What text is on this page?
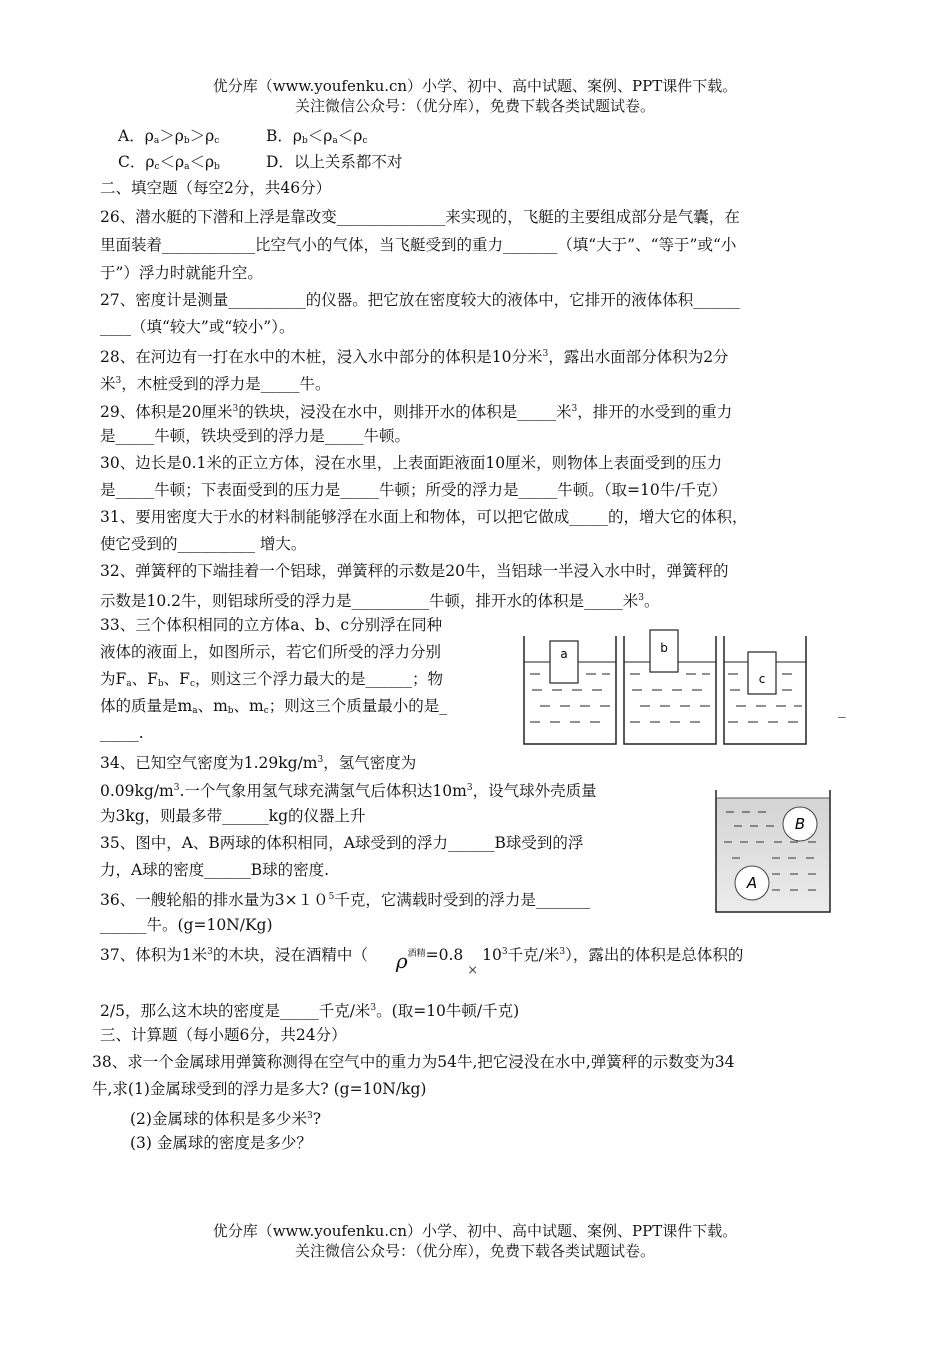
优分库（www.youfenku.cn）小学、初中、高中试题、案例、PPT课件下载。
关注微信公众号：（优分库），免费下载各类试题试卷。
A．$\rho_a>\rho_b>\rho_c$	B．$\rho_b<\rho_a<\rho_c$
C．$\rho_c<\rho_a<\rho_b$	D．以上关系都不对
二、填空题（每空2分，共46分）
26、潜水艇的下潜和上浮是靠改变______________来实现的，飞艇的主要组成部分是气囊，在
里面装着____________比空气小的气体，当飞艇受到的重力_______（填“大于”、“等于”或“小
于”）浮力时就能升空。
27、密度计是测量__________的仪器。把它放在密度较大的液体中，它排开的液体体积______
____（填“较大”或“较小”）。
28、在河边有一打在水中的木桩，浸入水中部分的体积是10分米$^3$，露出水面部分体积为2分
米$^3$，木桩受到的浮力是_____牛。
29、体积是20厘米$^3$的铁块，浸没在水中，则排开水的体积是_____米$^3$，排开的水受到的重力
是_____牛顿，铁块受到的浮力是_____牛顿。
30、边长是0.1米的正立方体，浸在水里，上表面距液面10厘米，则物体上表面受到的压力
是_____牛顿；下表面受到的压力是_____牛顿；所受的浮力是_____牛顿。（取=10牛/千克）
31、要用密度大于水的材料制能够浮在水面上和物体，可以把它做成_____的，增大它的体积，
使它受到的__________ 增大。
32、弹簧秤的下端挂着一个铝球，弹簧秤的示数是20牛，当铝球一半浸入水中时，弹簧秤的
示数是10.2牛，则铝球所受的浮力是__________牛顿，排开水的体积是_____米$^3$。
33、三个体积相同的立方体a、b、c分别浮在同种
液体的液面上，如图所示，若它们所受的浮力分别
为$F_a$、$F_b$、$F_c$，则这三个浮力最大的是______；物
体的质量是$m_a$、$m_b$、$m_c$；则这三个质量最小的是_
_____.
_
a	b
c
34、已知空气密度为$1.29kg/m^3$，氢气密度为
$0.09kg/m^3$.一个气象用氢气球充满氢气后体积达$10m^3$，设气球外壳质量
为3kg，则最多带______kg的仪器上升	B
A
35、图中，A、B两球的体积相同，A球受到的浮力______B球受到的浮
力，A球的密度______B球的密度.
36、一艘轮船的排水量为$3\times 10^5$千克，它满载时受到的浮力是_______
______牛。(g=10N/Kg)
37、体积为1米$^3$的木块，浸在酒精中（ $\rho^{酒精}=0.8\times 10^3$千克/米$^3$），露出的体积是总体积的
2/5，那么这木块的密度是_____千克/米$^3$。(取=10牛顿/千克)
三、计算题（每小题6分，共24分）
38、求一个金属球用弹簧称测得在空气中的重力为54牛,把它浸没在水中,弹簧秤的示数变为34
牛,求(1)金属球受到的浮力是多大? (g=10N/kg)
(2)金属球的体积是多少米$^3$?
(3) 金属球的密度是多少？
优分库（www.youfenku.cn）小学、初中、高中试题、案例、PPT课件下载。
关注微信公众号：（优分库），免费下载各类试题试卷。
